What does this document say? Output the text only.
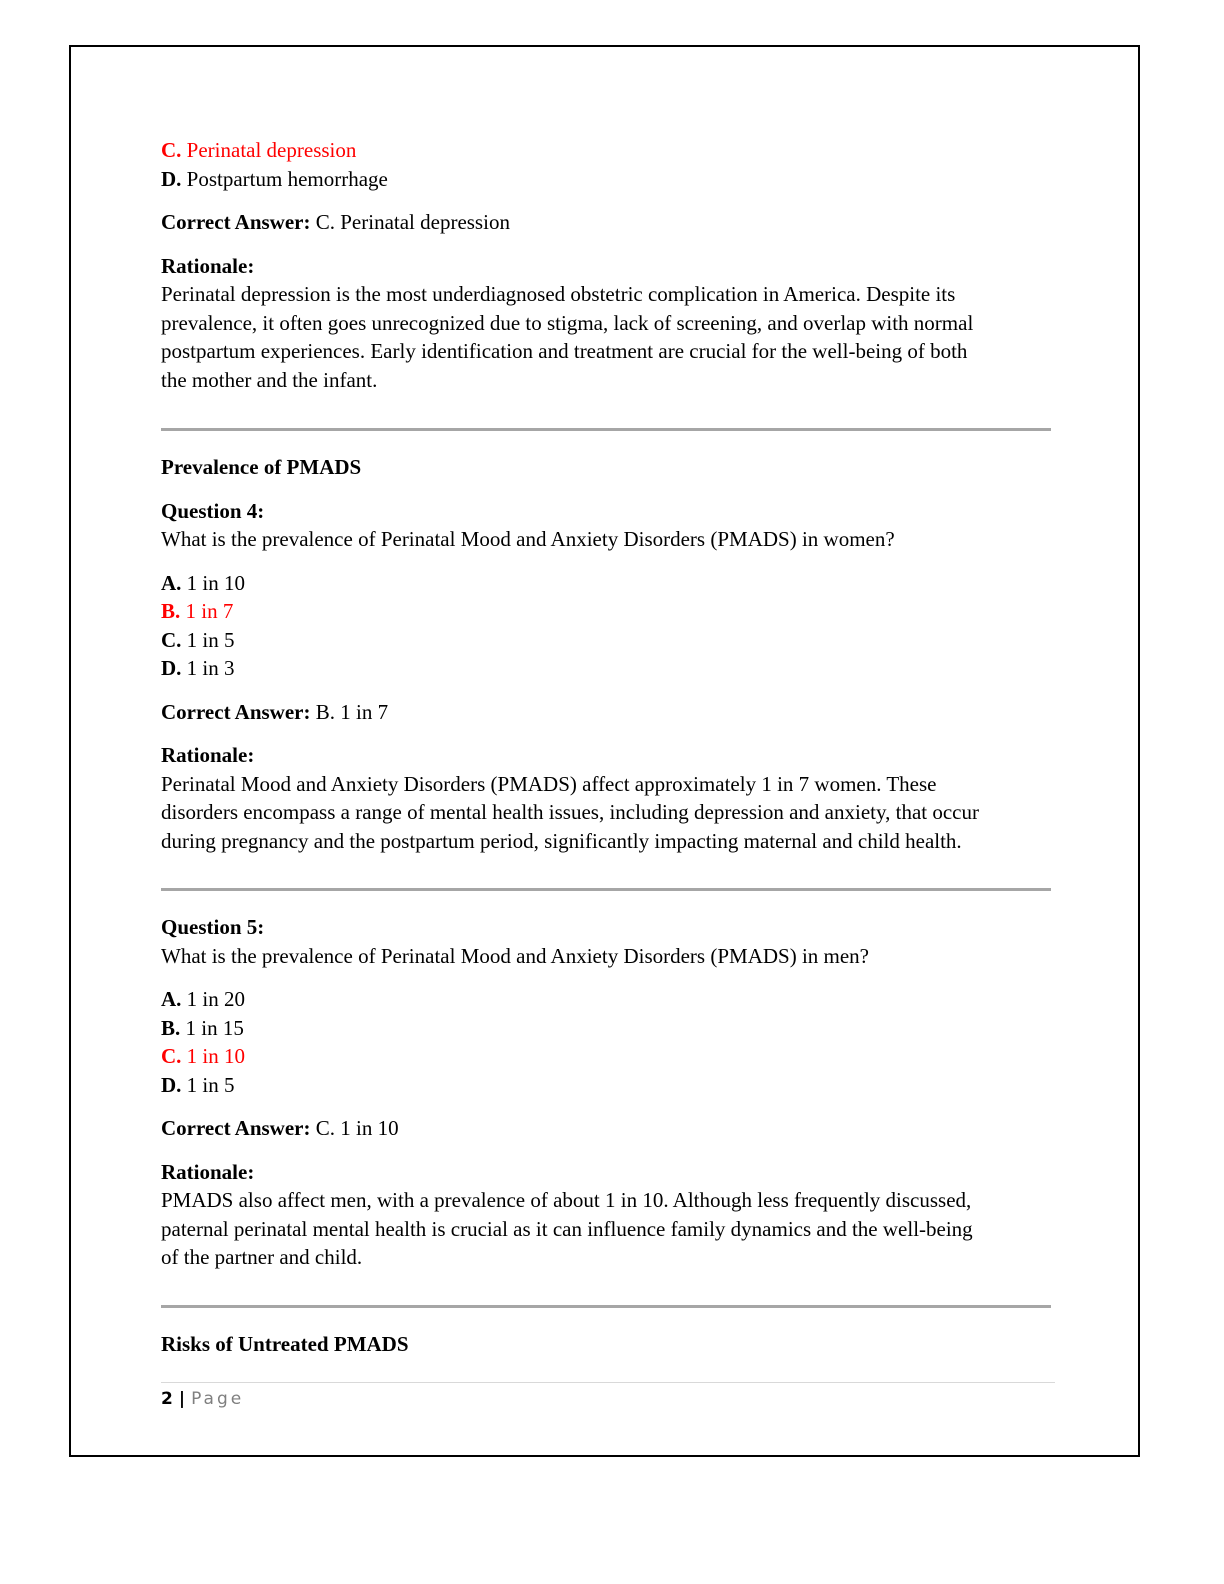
C. Perinatal depression

D. Postpartum hemorrhage

Correct Answer: C. Perinatal depression

Rationale:

Perinatal depression is the most underdiagnosed obstetric complication in America. Despite its

prevalence, it often goes unrecognized due to stigma, lack of screening, and overlap with normal

postpartum experiences. Early identification and treatment are crucial for the well-being of both

the mother and the infant.

Prevalence of PMADS

Question 4:

What is the prevalence of Perinatal Mood and Anxiety Disorders (PMADS) in women?

A. 1 in 10

B. 1 in 7

C. 1 in 5

D. 1 in 3

Correct Answer: B. 1 in 7

Rationale:

Perinatal Mood and Anxiety Disorders (PMADS) affect approximately 1 in 7 women. These

disorders encompass a range of mental health issues, including depression and anxiety, that occur

during pregnancy and the postpartum period, significantly impacting maternal and child health.

Question 5:

What is the prevalence of Perinatal Mood and Anxiety Disorders (PMADS) in men?

A. 1 in 20

B. 1 in 15

C. 1 in 10

D. 1 in 5

Correct Answer: C. 1 in 10

Rationale:

PMADS also affect men, with a prevalence of about 1 in 10. Although less frequently discussed,

paternal perinatal mental health is crucial as it can influence family dynamics and the well-being

of the partner and child.

Risks of Untreated PMADS

2 | Page
